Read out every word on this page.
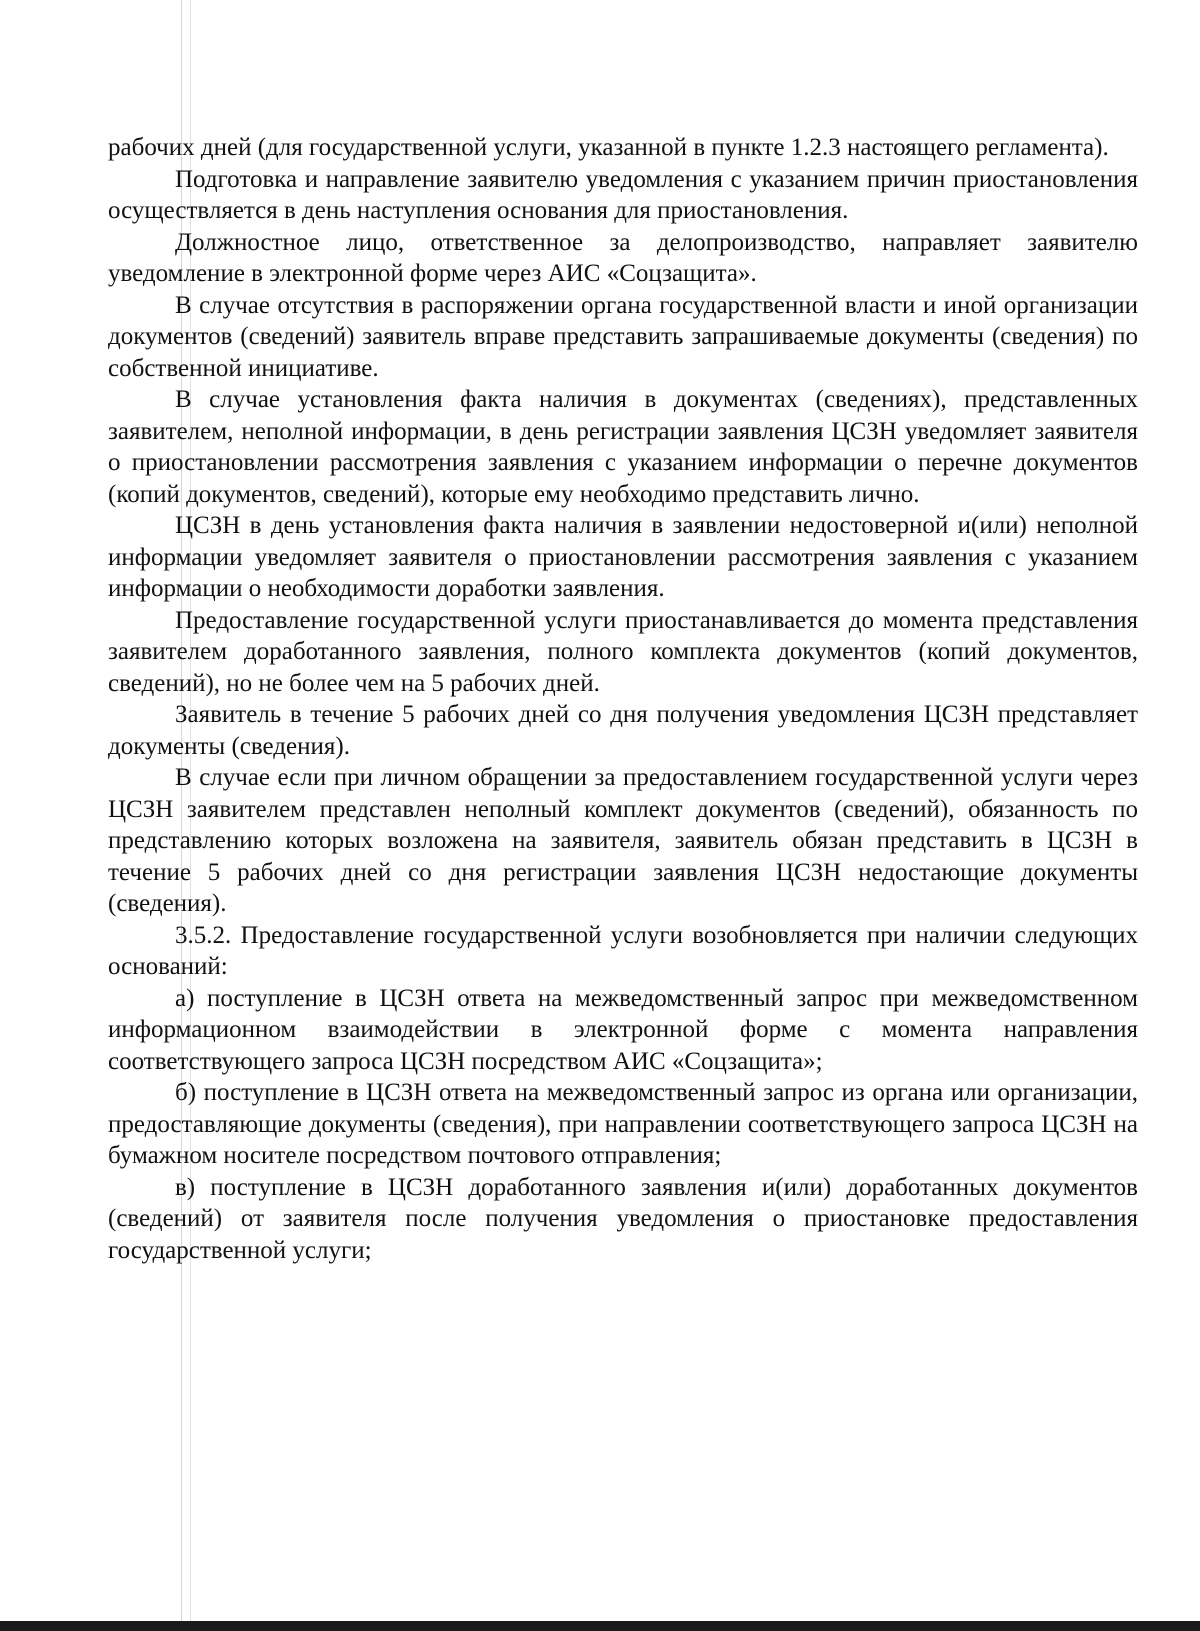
рабочих дней (для государственной услуги, указанной в пункте 1.2.3 настоящего регламента).

Подготовка и направление заявителю уведомления с указанием причин приостановления осуществляется в день наступления основания для приостановления.

Должностное лицо, ответственное за делопроизводство, направляет заявителю уведомление в электронной форме через АИС «Соцзащита».

В случае отсутствия в распоряжении органа государственной власти и иной организации документов (сведений) заявитель вправе представить запрашиваемые документы (сведения) по собственной инициативе.

В случае установления факта наличия в документах (сведениях), представленных заявителем, неполной информации, в день регистрации заявления ЦСЗН уведомляет заявителя о приостановлении рассмотрения заявления с указанием информации о перечне документов (копий документов, сведений), которые ему необходимо представить лично.

ЦСЗН в день установления факта наличия в заявлении недостоверной и(или) неполной информации уведомляет заявителя о приостановлении рассмотрения заявления с указанием информации о необходимости доработки заявления.

Предоставление государственной услуги приостанавливается до момента представления заявителем доработанного заявления, полного комплекта документов (копий документов, сведений), но не более чем на 5 рабочих дней.

Заявитель в течение 5 рабочих дней со дня получения уведомления ЦСЗН представляет документы (сведения).

В случае если при личном обращении за предоставлением государственной услуги через ЦСЗН заявителем представлен неполный комплект документов (сведений), обязанность по представлению которых возложена на заявителя, заявитель обязан представить в ЦСЗН в течение 5 рабочих дней со дня регистрации заявления ЦСЗН недостающие документы (сведения).

3.5.2. Предоставление государственной услуги возобновляется при наличии следующих оснований:

а) поступление в ЦСЗН ответа на межведомственный запрос при межведомственном информационном взаимодействии в электронной форме с момента направления соответствующего запроса ЦСЗН посредством АИС «Соцзащита»;

б) поступление в ЦСЗН ответа на межведомственный запрос из органа или организации, предоставляющие документы (сведения), при направлении соответствующего запроса ЦСЗН на бумажном носителе посредством почтового отправления;

в) поступление в ЦСЗН доработанного заявления и(или) доработанных документов (сведений) от заявителя после получения уведомления о приостановке предоставления государственной услуги;
